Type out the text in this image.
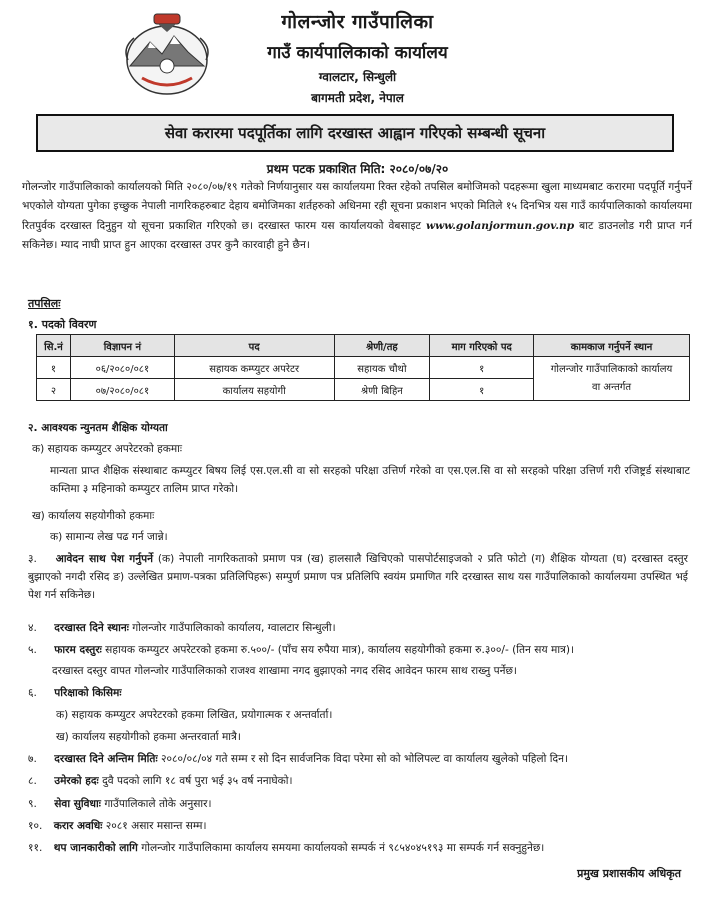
गोलन्जोर गाउँपालिका
गाउँ कार्यपालिकाको कार्यालय
ग्वालटार, सिन्धुली
बागमती प्रदेश, नेपाल
सेवा करारमा पदपूर्तिका लागि दरखास्त आह्वान गरिएको सम्बन्धी सूचना
प्रथम पटक प्रकाशित मिति: २०८०/०७/२०
गोलन्जोर गाउँपालिकाको कार्यालयको मिति २०८०/०७/१९ गतेको निर्णयानुसार यस कार्यालयमा रिक्त रहेको तपसिल बमोजिमको पदहरूमा खुला माध्यमबाट करारमा पदपूर्ति गर्नुपर्ने भएकोले योग्यता पुगेका इच्छुक नेपाली नागरिकहरुबाट देहाय बमोजिमका शर्तहरुको अधिनमा रही सूचना प्रकाशन भएको मितिले १५ दिनभित्र यस गाउँ कार्यपालिकाको कार्यालयमा रितपुर्वक दरखास्त दिनुहुन यो सूचना प्रकाशित गरिएको छ। दरखास्त फारम यस कार्यालयको वेबसाइट www.golanjormun.gov.np बाट डाउनलोड गरी प्राप्त गर्न सकिनेछ। म्याद नाघी प्राप्त हुन आएका दरखास्त उपर कुनै कारवाही हुने छैन।
तपसिलः
१. पदको विवरण
सि.नं	विज्ञापन नं	पद	श्रेणी/तह	माग गरिएको पद	कामकाज गर्नुपर्ने स्थान
१	०६/२०८०/०८१	सहायक कम्प्युटर अपरेटर	सहायक चौथो	१	गोलन्जोर गाउँपालिकाको कार्यालय वा अन्तर्गत
२	०७/२०८०/०८१	कार्यालय सहयोगी	श्रेणी बिहिन	१	
२. आवश्यक न्युनतम शैक्षिक योग्यता
क) सहायक कम्प्युटर अपरेटरको हकमाः
मान्यता प्राप्त शैक्षिक संस्थाबाट कम्प्युटर बिषय लिई एस.एल.सी वा सो सरहको परिक्षा उत्तिर्ण गरेको वा एस.एल.सि वा सो सरहको परिक्षा उत्तिर्ण गरी रजिष्ट्रर्ड संस्थाबाट कम्तिमा ३ महिनाको कम्प्युटर तालिम प्राप्त गरेको।
ख) कार्यालय सहयोगीको हकमाः
क) सामान्य लेख पढ गर्न जान्ने।
३. आवेदन साथ पेश गर्नुपर्ने (क) नेपाली नागरिकताको प्रमाण पत्र (ख) हालसालै खिचिएको पासपोर्टसाइजको २ प्रति फोटो (ग) शैक्षिक योग्यता (घ) दरखास्त दस्तुर बुझाएको नगदी रसिद ङ) उल्लेखित प्रमाण-पत्रका प्रतिलिपिहरू) सम्पुर्ण प्रमाण पत्र प्रतिलिपि स्वयंम प्रमाणित गरि दरखास्त साथ यस गाउँपालिकाको कार्यालयमा उपस्थित भई पेश गर्न सकिनेछ।
४. दरखास्त दिने स्थानः गोलन्जोर गाउँपालिकाको कार्यालय, ग्वालटार सिन्धुली।
५. फारम दस्तुरः सहायक कम्प्युटर अपरेटरको हकमा रु.५००/- (पाँच सय रुपैया मात्र), कार्यालय सहयोगीको हकमा रु.३००/- (तिन सय मात्र)।
दरखास्त दस्तुर वापत गोलन्जोर गाउँपालिकाको राजश्व शाखामा नगद बुझाएको नगद रसिद आवेदन फारम साथ राख्नु पर्नेछ।
६. परिक्षाको किसिमः
क) सहायक कम्प्युटर अपरेटरको हकमा लिखित, प्रयोगात्मक र अन्तर्वार्ता।
ख) कार्यालय सहयोगीको हकमा अन्तरवार्ता मात्रै।
७. दरखास्त दिने अन्तिम मितिः २०८०/०८/०४ गते सम्म र सो दिन सार्वजनिक विदा परेमा सो को भोलिपल्ट वा कार्यालय खुलेको पहिलो दिन।
८. उमेरको हदः दुवै पदको लागि १८ वर्ष पुरा भई ३५ वर्ष ननाघेको।
९. सेवा सुविधाः गाउँपालिकाले तोके अनुसार।
१०. करार अवधिः २०८१ असार मसान्त सम्म।
११. थप जानकारीको लागि गोलन्जोर गाउँपालिकामा कार्यालय समयमा कार्यालयको सम्पर्क नं ९८५४०४५१९३ मा सम्पर्क गर्न सक्नुहुनेछ।
प्रमुख प्रशासकीय अधिकृत
